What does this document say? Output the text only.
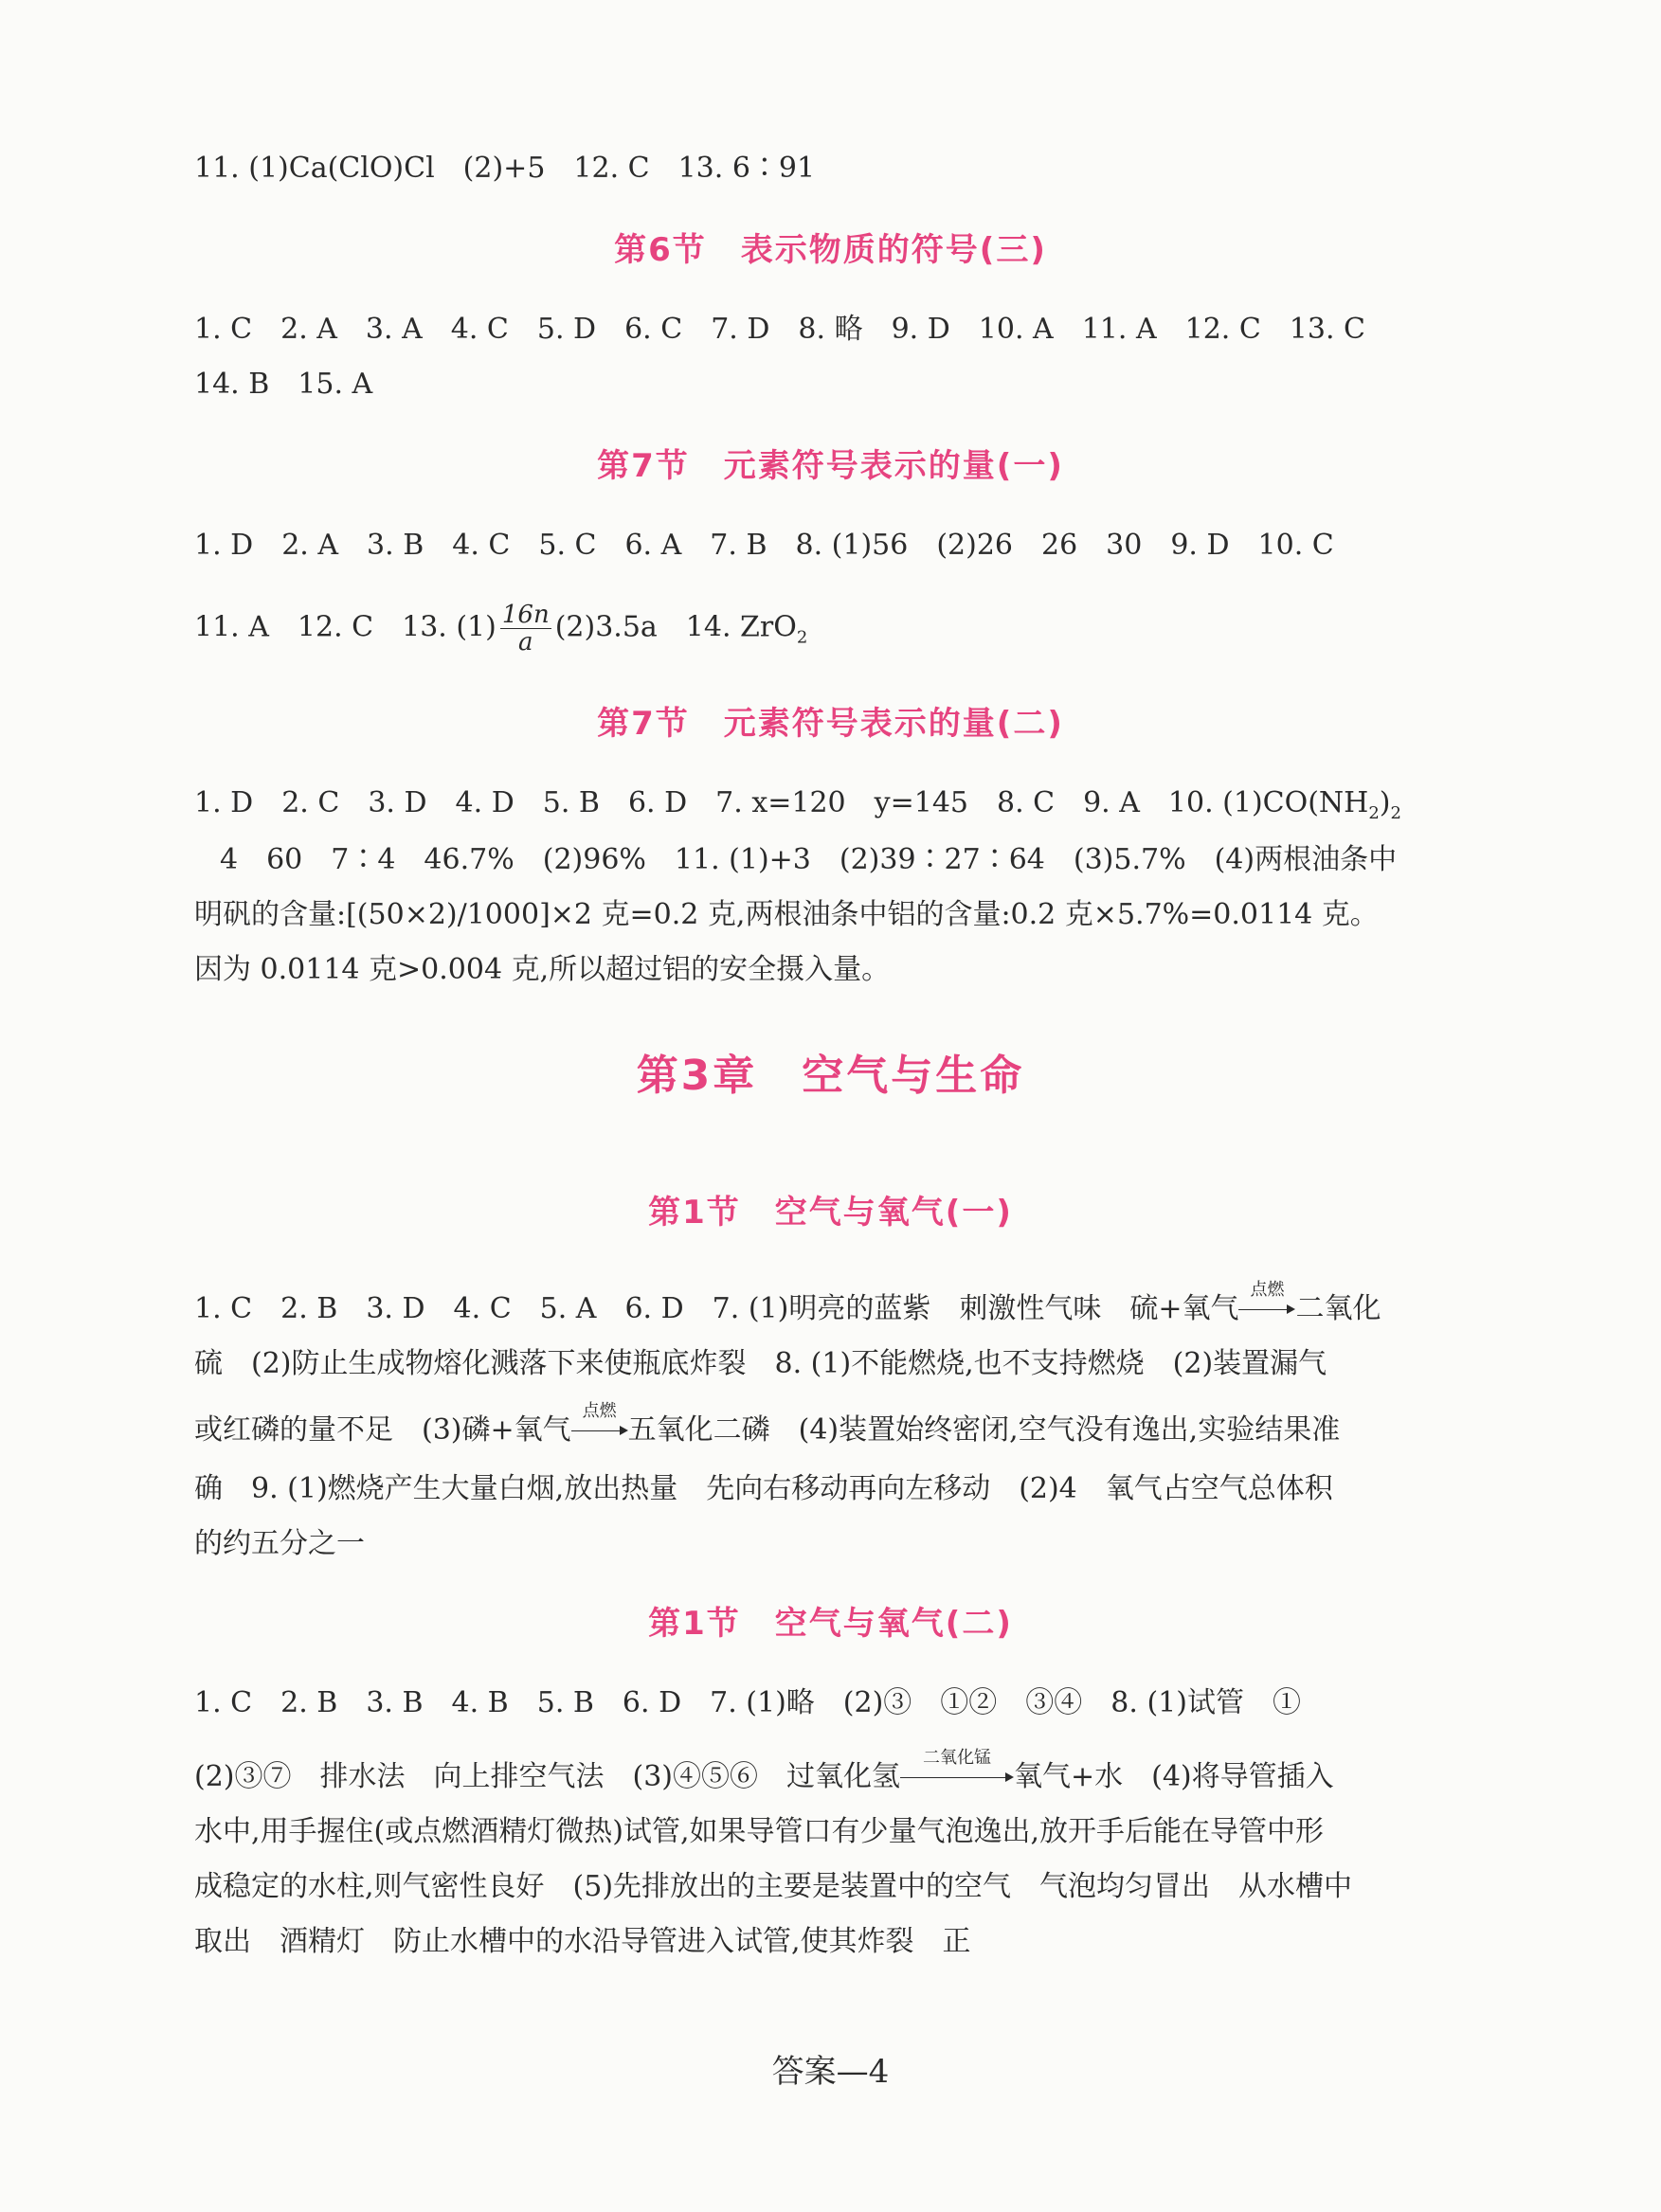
11. (1)Ca(ClO)Cl　(2)+5　12. C　13. 6∶91
第6节　表示物质的符号(三)
1. C　2. A　3. A　4. C　5. D　6. C　7. D　8. 略　9. D　10. A　11. A　12. C　13. C
14. B　15. A
第7节　元素符号表示的量(一)
1. D　2. A　3. B　4. C　5. C　6. A　7. B　8. (1)56　(2)26　26　30　9. D　10. C
11. A　12. C　13. $(1) \frac{16n}{a} (2)3.5a$　14. ZrO$_2$
第7节　元素符号表示的量(二)
1. D　2. C　3. D　4. D　5. B　6. D　7. x=120　y=145　8. C　9. A　10. $(1)CO(NH_2)_2$
4　60　7∶4　46.7%　(2)96%　11. (1)+3　(2)39∶27∶64　(3)5.7%　(4)两根油条中
明矾的含量:[(50×2)/1000]×2 克=0.2 克,两根油条中铝的含量:0.2 克×5.7%=0.0114 克。
因为 0.0114 克>0.004 克,所以超过铝的安全摄入量。
第3章　空气与生命
第1节　空气与氧气(一)
1. C　2. B　3. D　4. C　5. A　6. D　7. (1)明亮的蓝紫　刺激性气味　硫+氧气
点燃
二氧化
硫　(2)防止生成物熔化溅落下来使瓶底炸裂　8. (1)不能燃烧,也不支持燃烧　(2)装置漏气
或红磷的量不足　(3)磷+氧气
点燃
五氧化二磷　(4)装置始终密闭,空气没有逸出,实验结果准
确　9. (1)燃烧产生大量白烟,放出热量　先向右移动再向左移动　(2)4　氧气占空气总体积
的约五分之一
第1节　空气与氧气(二)
1. C　2. B　3. B　4. B　5. B　6. D　7. (1)略　(2)③　①②　③④　8. (1)试管　①
(2)③⑦　排水法　向上排空气法　(3)④⑤⑥　过氧化氢
二氧化锰
氧气+水　(4)将导管插入
水中,用手握住(或点燃酒精灯微热)试管,如果导管口有少量气泡逸出,放开手后能在导管中形
成稳定的水柱,则气密性良好　(5)先排放出的主要是装置中的空气　气泡均匀冒出　从水槽中
取出　酒精灯　防止水槽中的水沿导管进入试管,使其炸裂　正
答案—4
